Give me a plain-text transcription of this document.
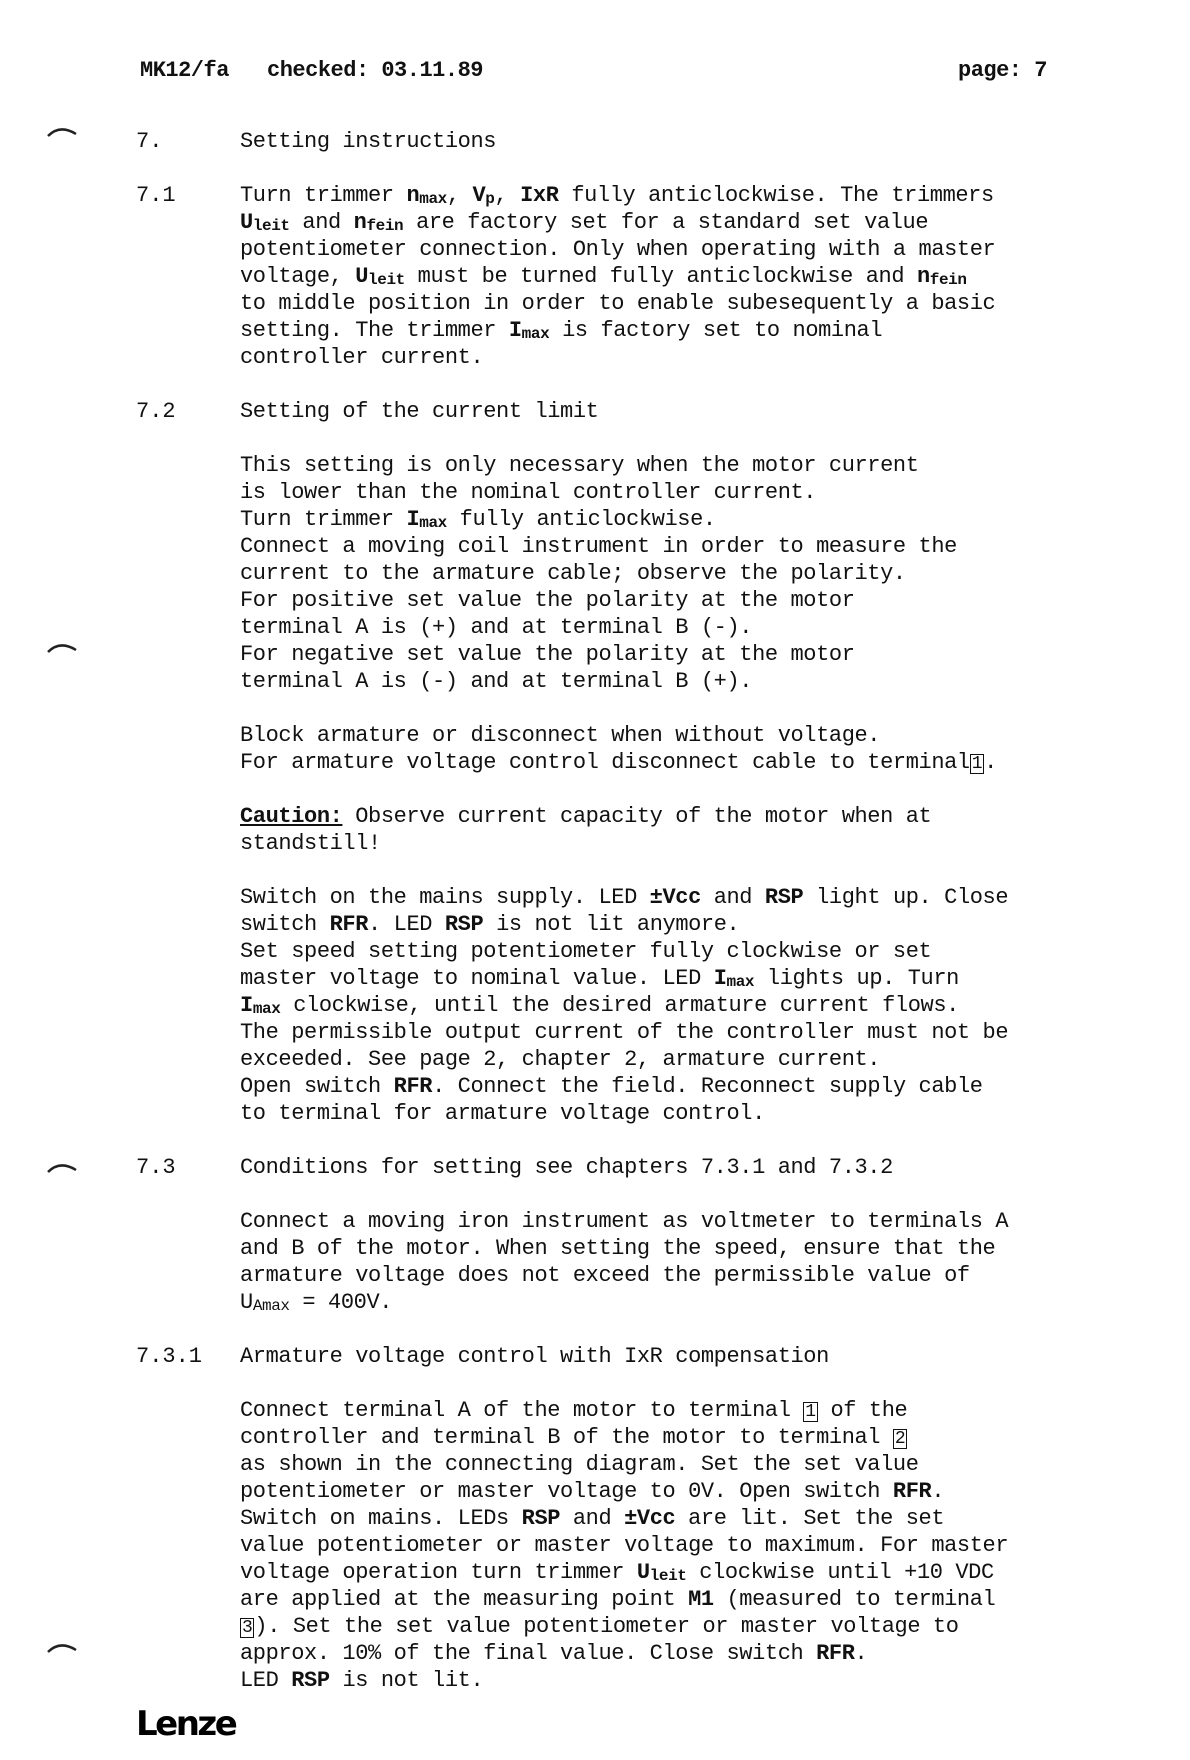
MK12/fa checked: 03.11.89	page: 7
7.	Setting instructions
7.1	Turn trimmer nmax, Vp, IxR fully anticlockwise. The trimmers
Uleit and nfein are factory set for a standard set value
potentiometer connection. Only when operating with a master
voltage, Uleit must be turned fully anticlockwise and nfein
to middle position in order to enable subesequently a basic
setting. The trimmer Imax is factory set to nominal
controller current.
7.2	Setting of the current limit
This setting is only necessary when the motor current
is lower than the nominal controller current.
Turn trimmer Imax fully anticlockwise.
Connect a moving coil instrument in order to measure the
current to the armature cable; observe the polarity.
For positive set value the polarity at the motor
terminal A is (+) and at terminal B (-).
For negative set value the polarity at the motor
terminal A is (-) and at terminal B (+).
Block armature or disconnect when without voltage.
For armature voltage control disconnect cable to terminal 1.
Caution: Observe current capacity of the motor when at
standstill!
Switch on the mains supply. LED ±Vcc and RSP light up. Close
switch RFR. LED RSP is not lit anymore.
Set speed setting potentiometer fully clockwise or set
master voltage to nominal value. LED Imax lights up. Turn
Imax clockwise, until the desired armature current flows.
The permissible output current of the controller must not be
exceeded. See page 2, chapter 2, armature current.
Open switch RFR. Connect the field. Reconnect supply cable
to terminal for armature voltage control.
7.3	Conditions for setting see chapters 7.3.1 and 7.3.2
Connect a moving iron instrument as voltmeter to terminals A
and B of the motor. When setting the speed, ensure that the
armature voltage does not exceed the permissible value of
UAmax = 400V.
7.3.1 Armature voltage control with IxR compensation
Connect terminal A of the motor to terminal 1 of the
controller and terminal B of the motor to terminal 2
as shown in the connecting diagram. Set the set value
potentiometer or master voltage to 0V. Open switch RFR.
Switch on mains. LEDs RSP and ±Vcc are lit. Set the set
value potentiometer or master voltage to maximum. For master
voltage operation turn trimmer Uleit clockwise until +10 VDC
are applied at the measuring point M1 (measured to terminal
3). Set the set value potentiometer or master voltage to
approx. 10% of the final value. Close switch RFR.
LED RSP is not lit.
Lenze
